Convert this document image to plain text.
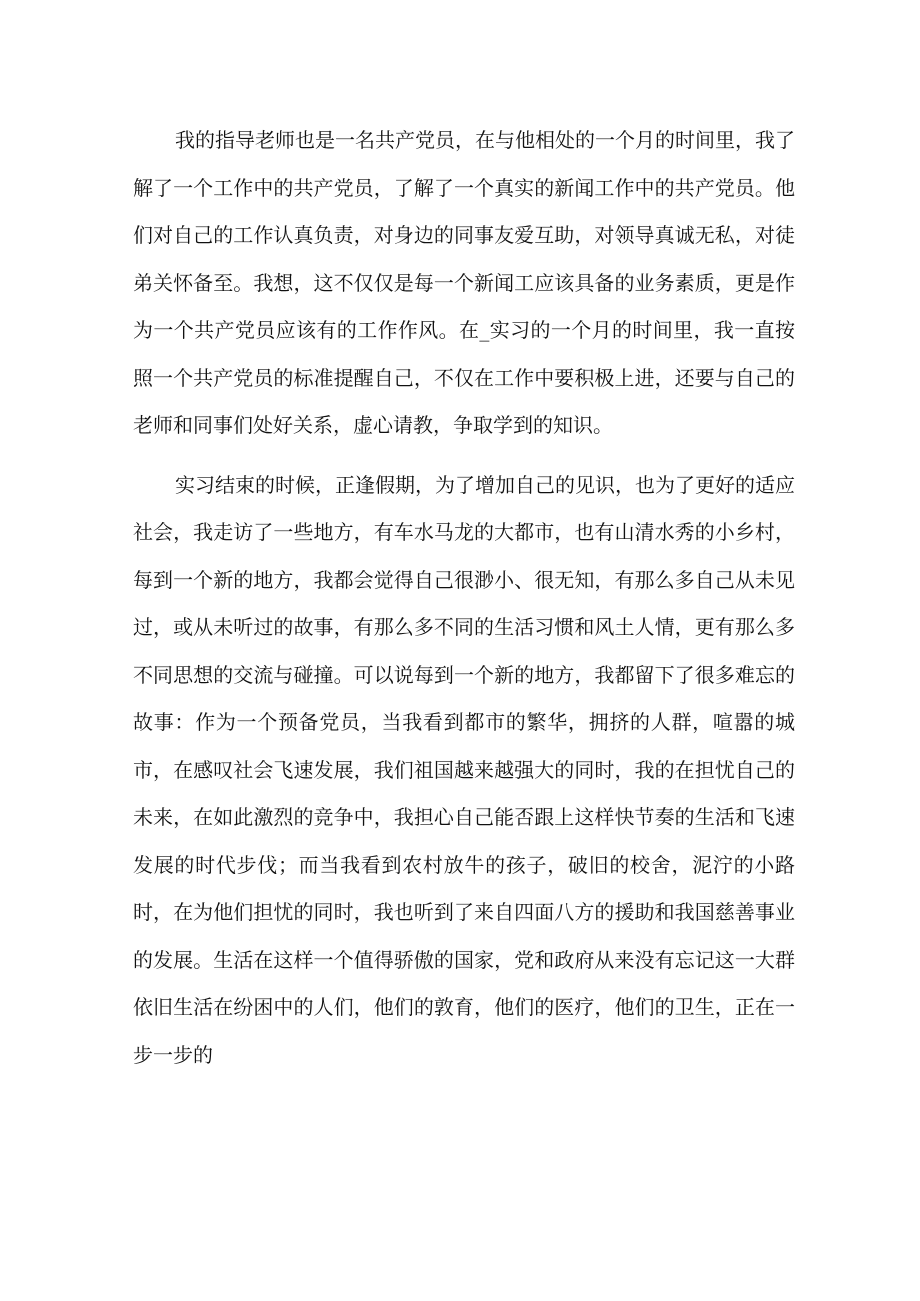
我的指导老师也是一名共产党员，在与他相处的一个月的时间里，我了解了一个工作中的共产党员，了解了一个真实的新闻工作中的共产党员。他们对自己的工作认真负责，对身边的同事友爱互助，对领导真诚无私，对徒弟关怀备至。我想，这不仅仅是每一个新闻工应该具备的业务素质，更是作为一个共产党员应该有的工作作风。在_实习的一个月的时间里，我一直按照一个共产党员的标准提醒自己，不仅在工作中要积极上进，还要与自己的老师和同事们处好关系，虚心请教，争取学到的知识。

实习结束的时候，正逢假期，为了增加自己的见识，也为了更好的适应社会，我走访了一些地方，有车水马龙的大都市，也有山清水秀的小乡村，每到一个新的地方，我都会觉得自己很渺小、很无知，有那么多自己从未见过，或从未听过的故事，有那么多不同的生活习惯和风土人情，更有那么多不同思想的交流与碰撞。可以说每到一个新的地方，我都留下了很多难忘的故事：作为一个预备党员，当我看到都市的繁华，拥挤的人群，喧嚣的城市，在感叹社会飞速发展，我们祖国越来越强大的同时，我的在担忧自己的未来，在如此激烈的竞争中，我担心自己能否跟上这样快节奏的生活和飞速发展的时代步伐；而当我看到农村放牛的孩子，破旧的校舍，泥泞的小路时，在为他们担忧的同时，我也听到了来自四面八方的援助和我国慈善事业的发展。生活在这样一个值得骄傲的国家，党和政府从来没有忘记这一大群依旧生活在纷困中的人们，他们的敦育，他们的医疗，他们的卫生，正在一步一步的
